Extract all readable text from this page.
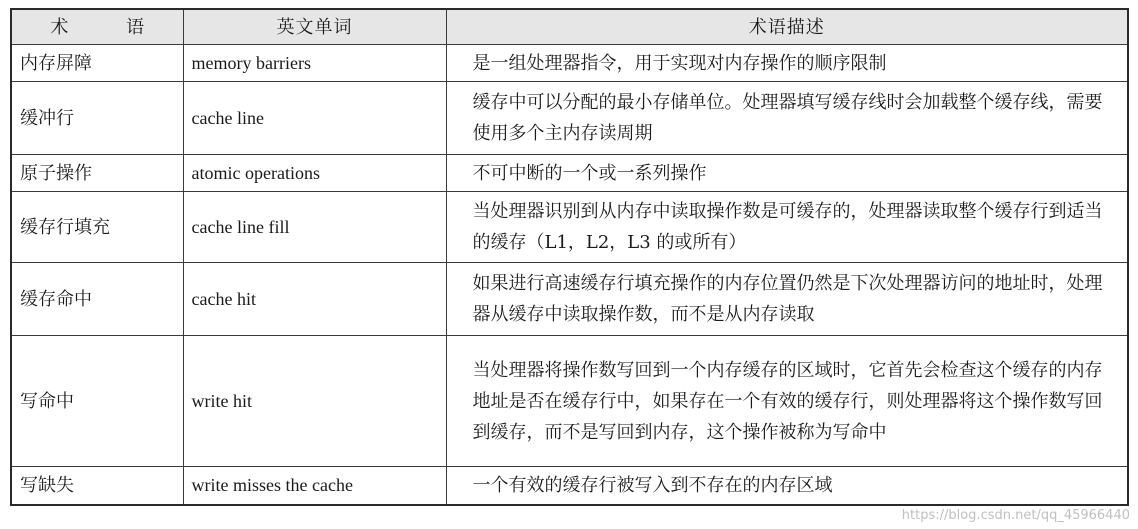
术 语	英文单词	术语描述
内存屏障	memory barriers	是一组处理器指令，用于实现对内存操作的顺序限制

缓冲行	cache line	缓存中可以分配的最小存储单位。处理器填写缓存线时会加载整个缓存线，需要使用多个主内存读周期

原子操作	atomic operations	不可中断的一个或一系列操作

缓存行填充	cache line fill	当处理器识别到从内存中读取操作数是可缓存的，处理器读取整个缓存行到适当的缓存（L1，L2，L3 的或所有）

缓存命中	cache hit	如果进行高速缓存行填充操作的内存位置仍然是下次处理器访问的地址时，处理器从缓存中读取操作数，而不是从内存读取

写命中	write hit	当处理器将操作数写回到一个内存缓存的区域时，它首先会检查这个缓存的内存地址是否在缓存行中，如果存在一个有效的缓存行，则处理器将这个操作数写回到缓存，而不是写回到内存，这个操作被称为写命中

写缺失	write misses the cache	一个有效的缓存行被写入到不存在的内存区域
https://blog.csdn.net/qq_45966440
